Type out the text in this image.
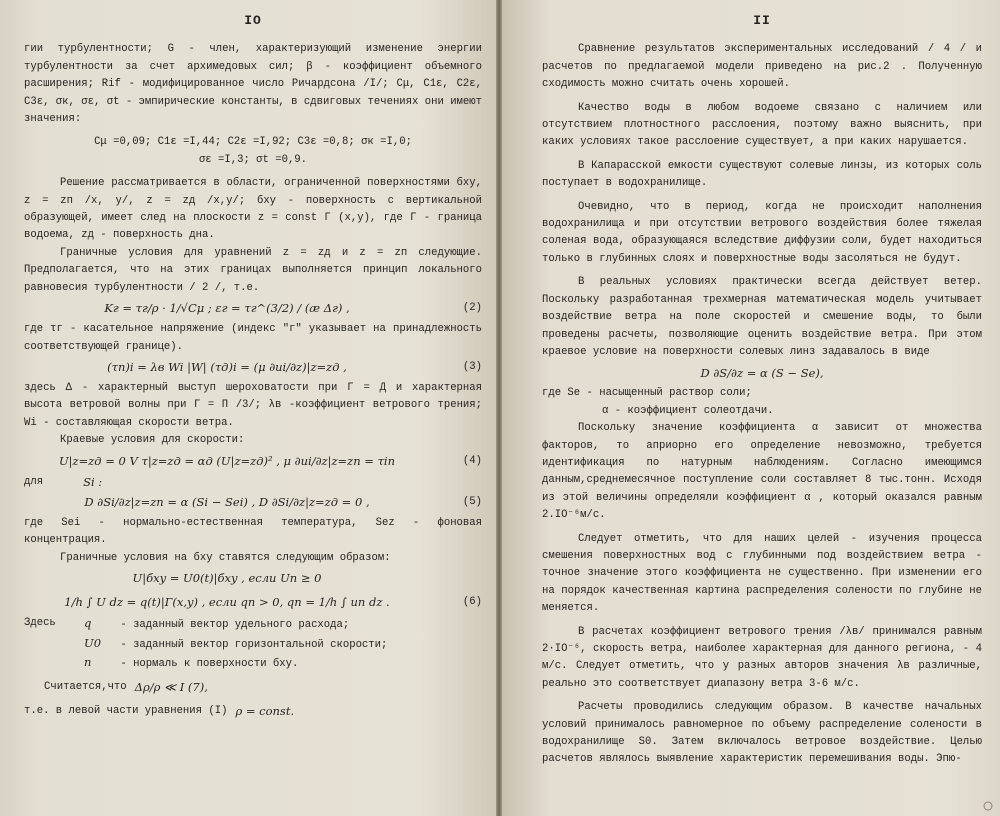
IO

гии турбулентности; G - член, характеризующий изменение энергии турбулентности за счет архимедовых сил; β - коэффициент объемного расширения; Rif - модифицированное число Ричардсона /I/; Cμ, C1ε, C2ε, C3ε, σк, σε, σt - эмпирические константы, в сдвиговых течениях они имеют значения:

Cμ =0,09; C1ε =I,44; C2ε =I,92; C3ε =0,8; σк =I,0;

σε =I,3; σt =0,9.

Решение рассматривается в области, ограниченной поверхностями бxy, z = zп /x, y/, z = zд /x,y/; бxy - поверхность с вертикальной образующей, имеет след на плоскости z = const Г (x,y), где Г - граница водоема, zд - поверхность дна.

Граничные условия для уравнений z = zд и z = zп следующие. Предполагается, что на этих границах выполняется принцип локального равновесия турбулентности / 2 /, т.е.

Kг = τг/ρ · 1/√Cμ ; εг = τг^(3/2) / (æ Δг) ,	(2)

где τг - касательное напряжение (индекс "г" указывает на принадлежность соответствующей границе).

(τn)i = λв Wi |W| (τд)i = (μ ∂ui/∂z)|z=zд ,	(3)

здесь Δ - характерный выступ шероховатости при Г = Д и характерная высота ветровой волны при Г = П /3/; λв -коэффициент ветрового трения; Wi - составляющая скорости ветра.

Краевые условия для скорости:

U|z=zд = 0 V τ|z=zд = αд (U|z=zд)² , μ ∂ui/∂z|z=zп = τin	(4)
для	Si :
D ∂Si/∂z|z=zп = α (Si − Sei) , D ∂Si/∂z|z=zд = 0 ,	(5)

где Sei - нормально-естественная температура, Sez - фоновая концентрация.

Граничные условия на бxy ставятся следующим образом:

U|бxy = U0(t)|бxy , если Un ≥ 0
1/h ∫ U dz = q(t)|Г(x,y) , если qn > 0, qn = 1/h ∫ un dz .	(6)
Здесь	q	- заданный вектор удельного расхода;
U0 - заданный вектор горизонтальной скорости;
n	- нормаль к поверхности бxy.
Считается,что Δρ/ρ ≪ I (7),
т.е. в левой части уравнения (I) ρ = const.
II

Сравнение результатов экспериментальных исследований / 4 / и расчетов по предлагаемой модели приведено на рис.2 . Полученную сходимость можно считать очень хорошей.

Качество воды в любом водоеме связано с наличием или отсутствием плотностного расслоения, поэтому важно выяснить, при каких условиях такое расслоение существует, а при каких нарушается.

В Капарасской емкости существуют солевые линзы, из которых соль поступает в водохранилище.

Очевидно, что в период, когда не происходит наполнения водохранилища и при отсутствии ветрового воздействия более тяжелая соленая вода, образующаяся вследствие диффузии соли, будет находиться только в глубинных слоях и поверхностные воды засоляться не будут.

В реальных условиях практически всегда действует ветер. Поскольку разработанная трехмерная математическая модель учитывает воздействие ветра на поле скоростей и смешение воды, то были проведены расчеты, позволяющие оценить воздействие ветра. При этом краевое условие на поверхности солевых линз задавалось в виде

D ∂S/∂z = α (S − Sе),

где Sе - насыщенный раствор соли;

α - коэффициент солеотдачи.

Поскольку значение коэффициента α зависит от множества факторов, то априорно его определение невозможно, требуется идентификация по натурным наблюдениям. Согласно имеющимся данным,среднемесячное поступление соли составляет 8 тыс.тонн. Исходя из этой величины определяли коэффициент α , который оказался равным 2.IO⁻⁶м/с.

Следует отметить, что для наших целей - изучения процесса смешения поверхностных вод с глубинными под воздействием ветра - точное значение этого коэффициента не существенно. При изменении его на порядок качественная картина распределения солености по глубине не меняется.

В расчетах коэффициент ветрового трения /λв/ принимался равным 2·IO⁻⁶, скорость ветра, наиболее характерная для данного региона, - 4 м/с. Следует отметить, что у разных авторов значения λв различные, реально это соответствует диапазону ветра 3-6 м/с.

Расчеты проводились следующим образом. В качестве начальных условий принималось равномерное по объему распределение солености в водохранилище S0. Затем включалось ветровое воздействие. Целью расчетов являлось выявление характеристик перемешивания воды. Эпю-
